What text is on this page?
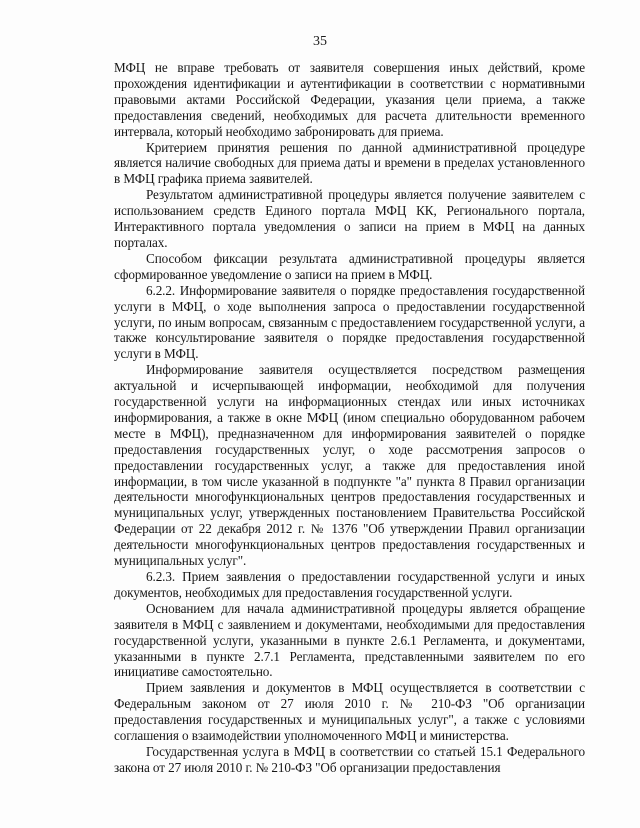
35

МФЦ не вправе требовать от заявителя совершения иных действий, кроме прохождения идентификации и аутентификации в соответствии с нормативными правовыми актами Российской Федерации, указания цели приема, а также предоставления сведений, необходимых для расчета длительности временного интервала, который необходимо забронировать для приема.

Критерием принятия решения по данной административной процедуре является наличие свободных для приема даты и времени в пределах установленного в МФЦ графика приема заявителей.

Результатом административной процедуры является получение заявителем с использованием средств Единого портала МФЦ КК, Регионального портала, Интерактивного портала уведомления о записи на прием в МФЦ на данных порталах.

Способом фиксации результата административной процедуры является сформированное уведомление о записи на прием в МФЦ.

6.2.2. Информирование заявителя о порядке предоставления государственной услуги в МФЦ, о ходе выполнения запроса о предоставлении государственной услуги, по иным вопросам, связанным с предоставлением государственной услуги, а также консультирование заявителя о порядке предоставления государственной услуги в МФЦ.

Информирование заявителя осуществляется посредством размещения актуальной и исчерпывающей информации, необходимой для получения государственной услуги на информационных стендах или иных источниках информирования, а также в окне МФЦ (ином специально оборудованном рабочем месте в МФЦ), предназначенном для информирования заявителей о порядке предоставления государственных услуг, о ходе рассмотрения запросов о предоставлении государственных услуг, а также для предоставления иной информации, в том числе указанной в подпункте "а" пункта 8 Правил организации деятельности многофункциональных центров предоставления государственных и муниципальных услуг, утвержденных постановлением Правительства Российской Федерации от 22 декабря 2012 г. № 1376 "Об утверждении Правил организации деятельности многофункциональных центров предоставления государственных и муниципальных услуг".

6.2.3. Прием заявления о предоставлении государственной услуги и иных документов, необходимых для предоставления государственной услуги.

Основанием для начала административной процедуры является обращение заявителя в МФЦ с заявлением и документами, необходимыми для предоставления государственной услуги, указанными в пункте 2.6.1 Регламента, и документами, указанными в пункте 2.7.1 Регламента, представленными заявителем по его инициативе самостоятельно.

Прием заявления и документов в МФЦ осуществляется в соответствии с Федеральным законом от 27 июля 2010 г. № 210-ФЗ "Об организации предоставления государственных и муниципальных услуг", а также с условиями соглашения о взаимодействии уполномоченного МФЦ и министерства.

Государственная услуга в МФЦ в соответствии со статьей 15.1 Федерального закона от 27 июля 2010 г. № 210-ФЗ "Об организации предоставления
